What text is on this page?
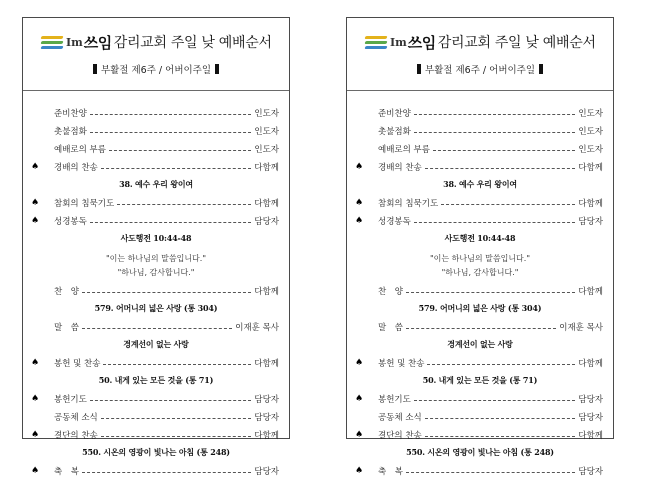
Im 쓰임 감리교회 주일 낮 예배순서
부활절 제6주 / 어버이주일
준비찬양	인도자
촛불점화	인도자
예배로의 부름	인도자
♠ 경배의 찬송	다함께
38. 예수 우리 왕이여
♠ 참회의 침묵기도	다함께
♠ 성경봉독	담당자
사도행전 10:44-48
"이는 하나님의 말씀입니다."
"하나님, 감사합니다."
찬　양	다함께
579. 어머니의 넓은 사랑 (통 304)
말　씀	이재훈 목사
경계선이 없는 사랑
♠ 봉헌 및 찬송	다함께
50. 내게 있는 모든 것을 (통 71)
♠ 봉헌기도	담당자
공동체 소식	담당자
♠ 결단의 찬송	다함께
550. 시온의 영광이 빛나는 아침 (통 248)
♠ 축　복	담당자
Im 쓰임 감리교회 주일 낮 예배순서
부활절 제6주 / 어버이주일
준비찬양	인도자
촛불점화	인도자
예배로의 부름	인도자
♠ 경배의 찬송	다함께
38. 예수 우리 왕이여
♠ 참회의 침묵기도	다함께
♠ 성경봉독	담당자
사도행전 10:44-48
"이는 하나님의 말씀입니다."
"하나님, 감사합니다."
찬　양	다함께
579. 어머니의 넓은 사랑 (통 304)
말　씀	이재훈 목사
경계선이 없는 사랑
♠ 봉헌 및 찬송	다함께
50. 내게 있는 모든 것을 (통 71)
♠ 봉헌기도	담당자
공동체 소식	담당자
♠ 결단의 찬송	다함께
550. 시온의 영광이 빛나는 아침 (통 248)
♠ 축　복	담당자
